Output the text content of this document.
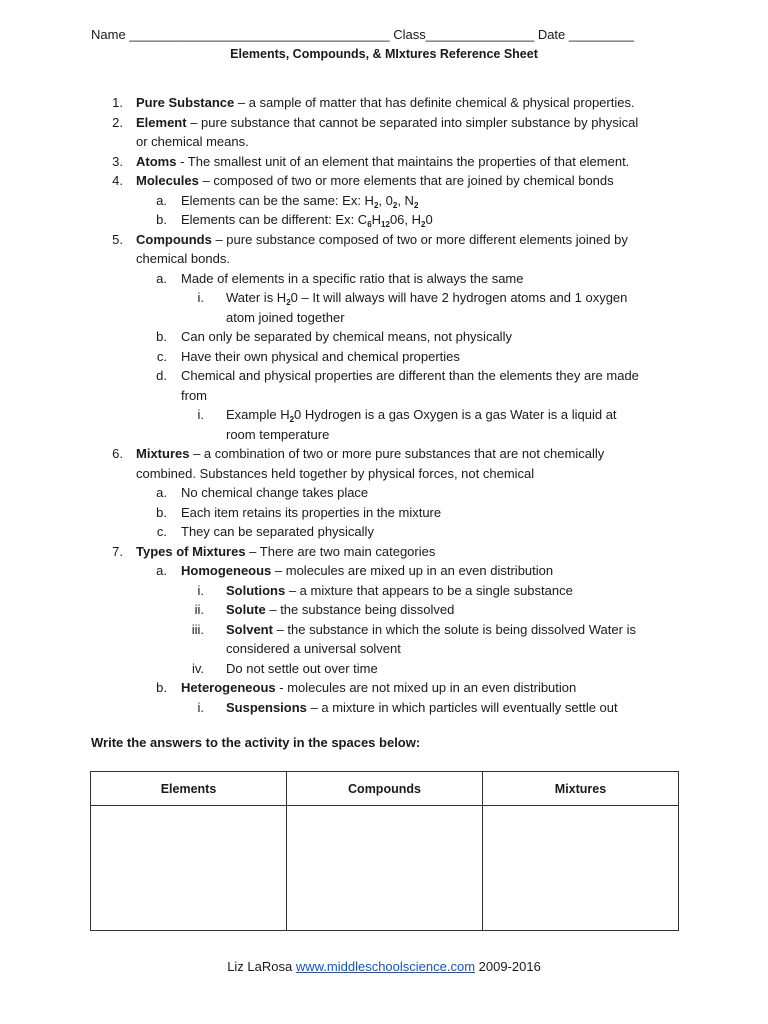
Name ____________________________________ Class_______________ Date _________
Elements, Compounds, & MIxtures Reference Sheet
1. Pure Substance – a sample of matter that has definite chemical & physical properties.
2. Element – pure substance that cannot be separated into simpler substance by physical
or chemical means.
3. Atoms - The smallest unit of an element that maintains the properties of that element.
4. Molecules – composed of two or more elements that are joined by chemical bonds
a. Elements can be the same: Ex: $H_2$, $0_2$, $N_2$
b. Elements can be different: Ex: $C_6H_{12}06$, $H_20$
5. Compounds – pure substance composed of two or more different elements joined by
chemical bonds.
a. Made of elements in a specific ratio that is always the same
i. Water is $H_20$ – It will always will have 2 hydrogen atoms and 1 oxygen
atom joined together
b. Can only be separated by chemical means, not physically
c. Have their own physical and chemical properties
d. Chemical and physical properties are different than the elements they are made
from
i. Example $H_20$ Hydrogen is a gas Oxygen is a gas Water is a liquid at
room temperature
6. Mixtures – a combination of two or more pure substances that are not chemically
combined. Substances held together by physical forces, not chemical
a. No chemical change takes place
b. Each item retains its properties in the mixture
c. They can be separated physically
7. Types of Mixtures – There are two main categories
a. Homogeneous – molecules are mixed up in an even distribution
i. Solutions – a mixture that appears to be a single substance
ii. Solute – the substance being dissolved
iii. Solvent – the substance in which the solute is being dissolved Water is
considered a universal solvent
iv. Do not settle out over time
b. Heterogeneous - molecules are not mixed up in an even distribution
i. Suspensions – a mixture in which particles will eventually settle out
Write the answers to the activity in the spaces below:
Elements	Compounds	Mixtures

Liz LaRosa www.middleschoolscience.com 2009-2016
